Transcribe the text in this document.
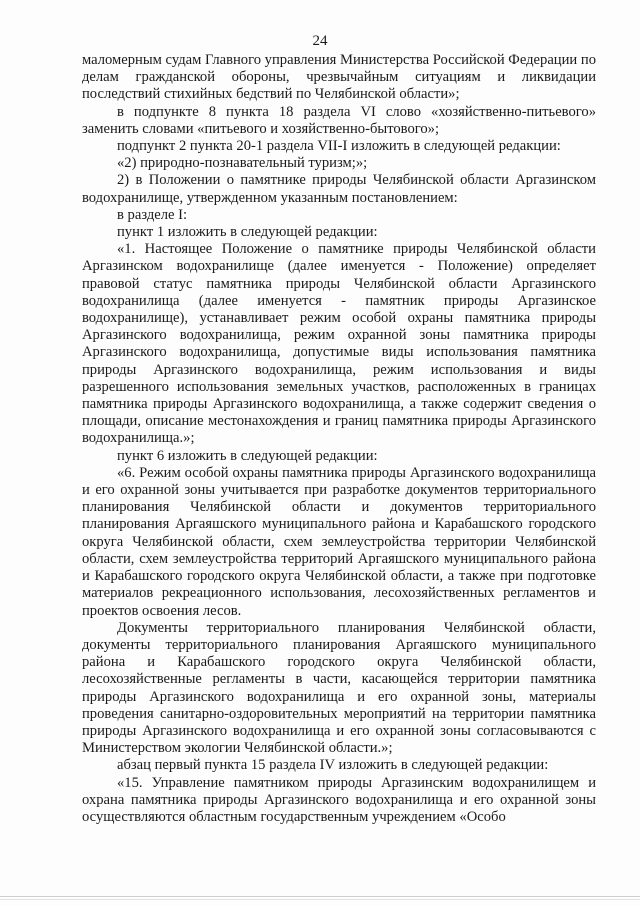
24

маломерным судам Главного управления Министерства Российской Федерации по делам гражданской обороны, чрезвычайным ситуациям и ликвидации последствий стихийных бедствий по Челябинской области»;

в подпункте 8 пункта 18 раздела VI слово «хозяйственно-питьевого» заменить словами «питьевого и хозяйственно-бытового»;

подпункт 2 пункта 20-1 раздела VII-I изложить в следующей редакции:

«2) природно-познавательный туризм;»;

2) в Положении о памятнике природы Челябинской области Аргазинском водохранилище, утвержденном указанным постановлением:

в разделе I:

пункт 1 изложить в следующей редакции:

«1. Настоящее Положение о памятнике природы Челябинской области Аргазинском водохранилище (далее именуется - Положение) определяет правовой статус памятника природы Челябинской области Аргазинского водохранилища (далее именуется - памятник природы Аргазинское водохранилище), устанавливает режим особой охраны памятника природы Аргазинского водохранилища, режим охранной зоны памятника природы Аргазинского водохранилища, допустимые виды использования памятника природы Аргазинского водохранилища, режим использования и виды разрешенного использования земельных участков, расположенных в границах памятника природы Аргазинского водохранилища, а также содержит сведения о площади, описание местонахождения и границ памятника природы Аргазинского водохранилища.»;

пункт 6 изложить в следующей редакции:

«6. Режим особой охраны памятника природы Аргазинского водохранилища и его охранной зоны учитывается при разработке документов территориального планирования Челябинской области и документов территориального планирования Аргаяшского муниципального района и Карабашского городского округа Челябинской области, схем землеустройства территории Челябинской области, схем землеустройства территорий Аргаяшского муниципального района и Карабашского городского округа Челябинской области, а также при подготовке материалов рекреационного использования, лесохозяйственных регламентов и проектов освоения лесов.

Документы территориального планирования Челябинской области, документы территориального планирования Аргаяшского муниципального района и Карабашского городского округа Челябинской области, лесохозяйственные регламенты в части, касающейся территории памятника природы Аргазинского водохранилища и его охранной зоны, материалы проведения санитарно-оздоровительных мероприятий на территории памятника природы Аргазинского водохранилища и его охранной зоны согласовываются с Министерством экологии Челябинской области.»;

абзац первый пункта 15 раздела IV изложить в следующей редакции:

«15. Управление памятником природы Аргазинским водохранилищем и охрана памятника природы Аргазинского водохранилища и его охранной зоны осуществляются областным государственным учреждением «Особо
